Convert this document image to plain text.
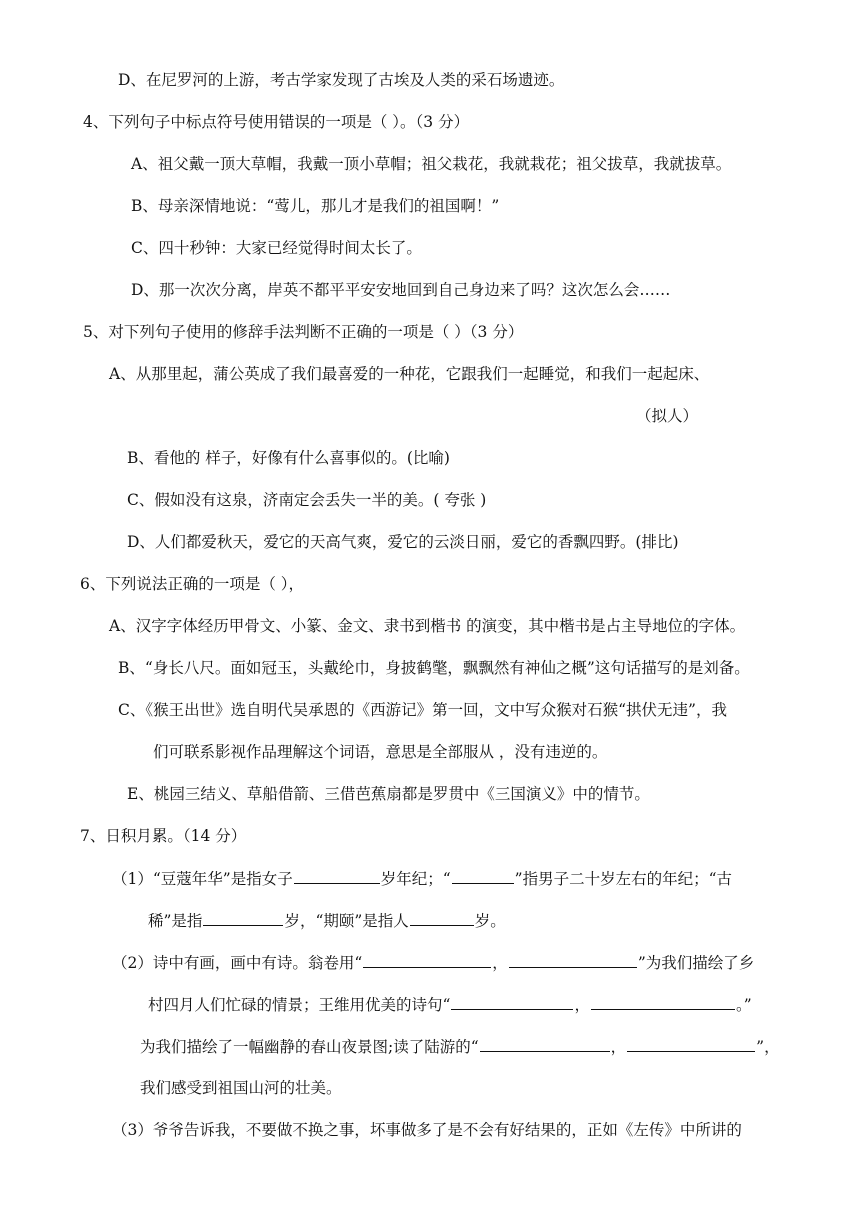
D、在尼罗河的上游，考古学家发现了古埃及人类的采石场遗迹。
4、下列句子中标点符号使用错误的一项是（ ）。（3 分）
A、祖父戴一顶大草帽，我戴一顶小草帽；祖父栽花，我就栽花；祖父拔草，我就拔草。
B、母亲深情地说：“莺儿，那儿才是我们的祖国啊！”
C、四十秒钟：大家已经觉得时间太长了。
D、那一次次分离，岸英不都平平安安地回到自己身边来了吗？这次怎么会……
5、对下列句子使用的修辞手法判断不正确的一项是（ ）（3 分）
A、从那里起，蒲公英成了我们最喜爱的一种花，它跟我们一起睡觉，和我们一起起床、
（拟人）
B、看他的 样子，好像有什么喜事似的。(比喻)
C、假如没有这泉，济南定会丢失一半的美。( 夸张 )
D、人们都爱秋天，爱它的天高气爽，爱它的云淡日丽，爱它的香飘四野。(排比)
6、下列说法正确的一项是（ ），
A、汉字字体经历甲骨文、小篆、金文、隶书到楷书 的演变，其中楷书是占主导地位的字体。
B、“身长八尺。面如冠玉，头戴纶巾，身披鹤氅，飘飘然有神仙之概”这句话描写的是刘备。
C、《猴王出世》选自明代吴承恩的《西游记》第一回，文中写众猴对石猴“拱伏无违”，我
们可联系影视作品理解这个词语，意思是全部服从 ，没有违逆的。
E、桃园三结义、草船借箭、三借芭蕉扇都是罗贯中《三国演义》中的情节。
7、日积月累。（14 分）
（1）“豆蔻年华”是指女子	岁年纪；“	”指男子二十岁左右的年纪；“古
稀”是指	岁，“期颐”是指人	岁。
（2）诗中有画，画中有诗。翁卷用“	，	”为我们描绘了乡
村四月人们忙碌的情景；王维用优美的诗句“	，	。”
为我们描绘了一幅幽静的春山夜景图;读了陆游的“	，	”，
我们感受到祖国山河的壮美。
（3）爷爷告诉我，不要做不换之事，坏事做多了是不会有好结果的，正如《左传》中所讲的
